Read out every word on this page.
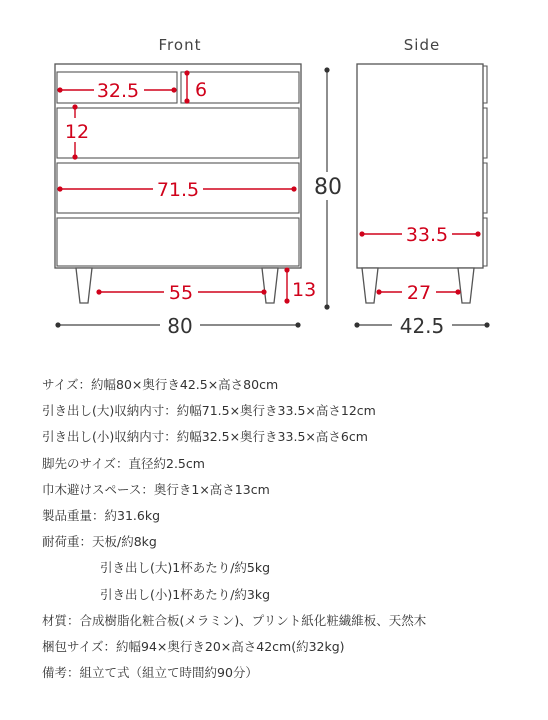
Front	Side
32.5	6
12
71.5
55	13
80
80
33.5
27
42.5
サイズ：約幅80×奥行き42.5×高さ80cm
引き出し(大)収納内寸：約幅71.5×奥行き33.5×高さ12cm
引き出し(小)収納内寸：約幅32.5×奥行き33.5×高さ6cm
脚先のサイズ：直径約2.5cm
巾木避けスペース：奥行き1×高さ13cm
製品重量：約31.6kg
耐荷重：天板/約8kg
引き出し(大)1杯あたり/約5kg
引き出し(小)1杯あたり/約3kg
材質：合成樹脂化粧合板(メラミン)、プリント紙化粧繊維板、天然木
梱包サイズ：約幅94×奥行き20×高さ42cm(約32kg)
備考：組立て式（組立て時間約90分）
